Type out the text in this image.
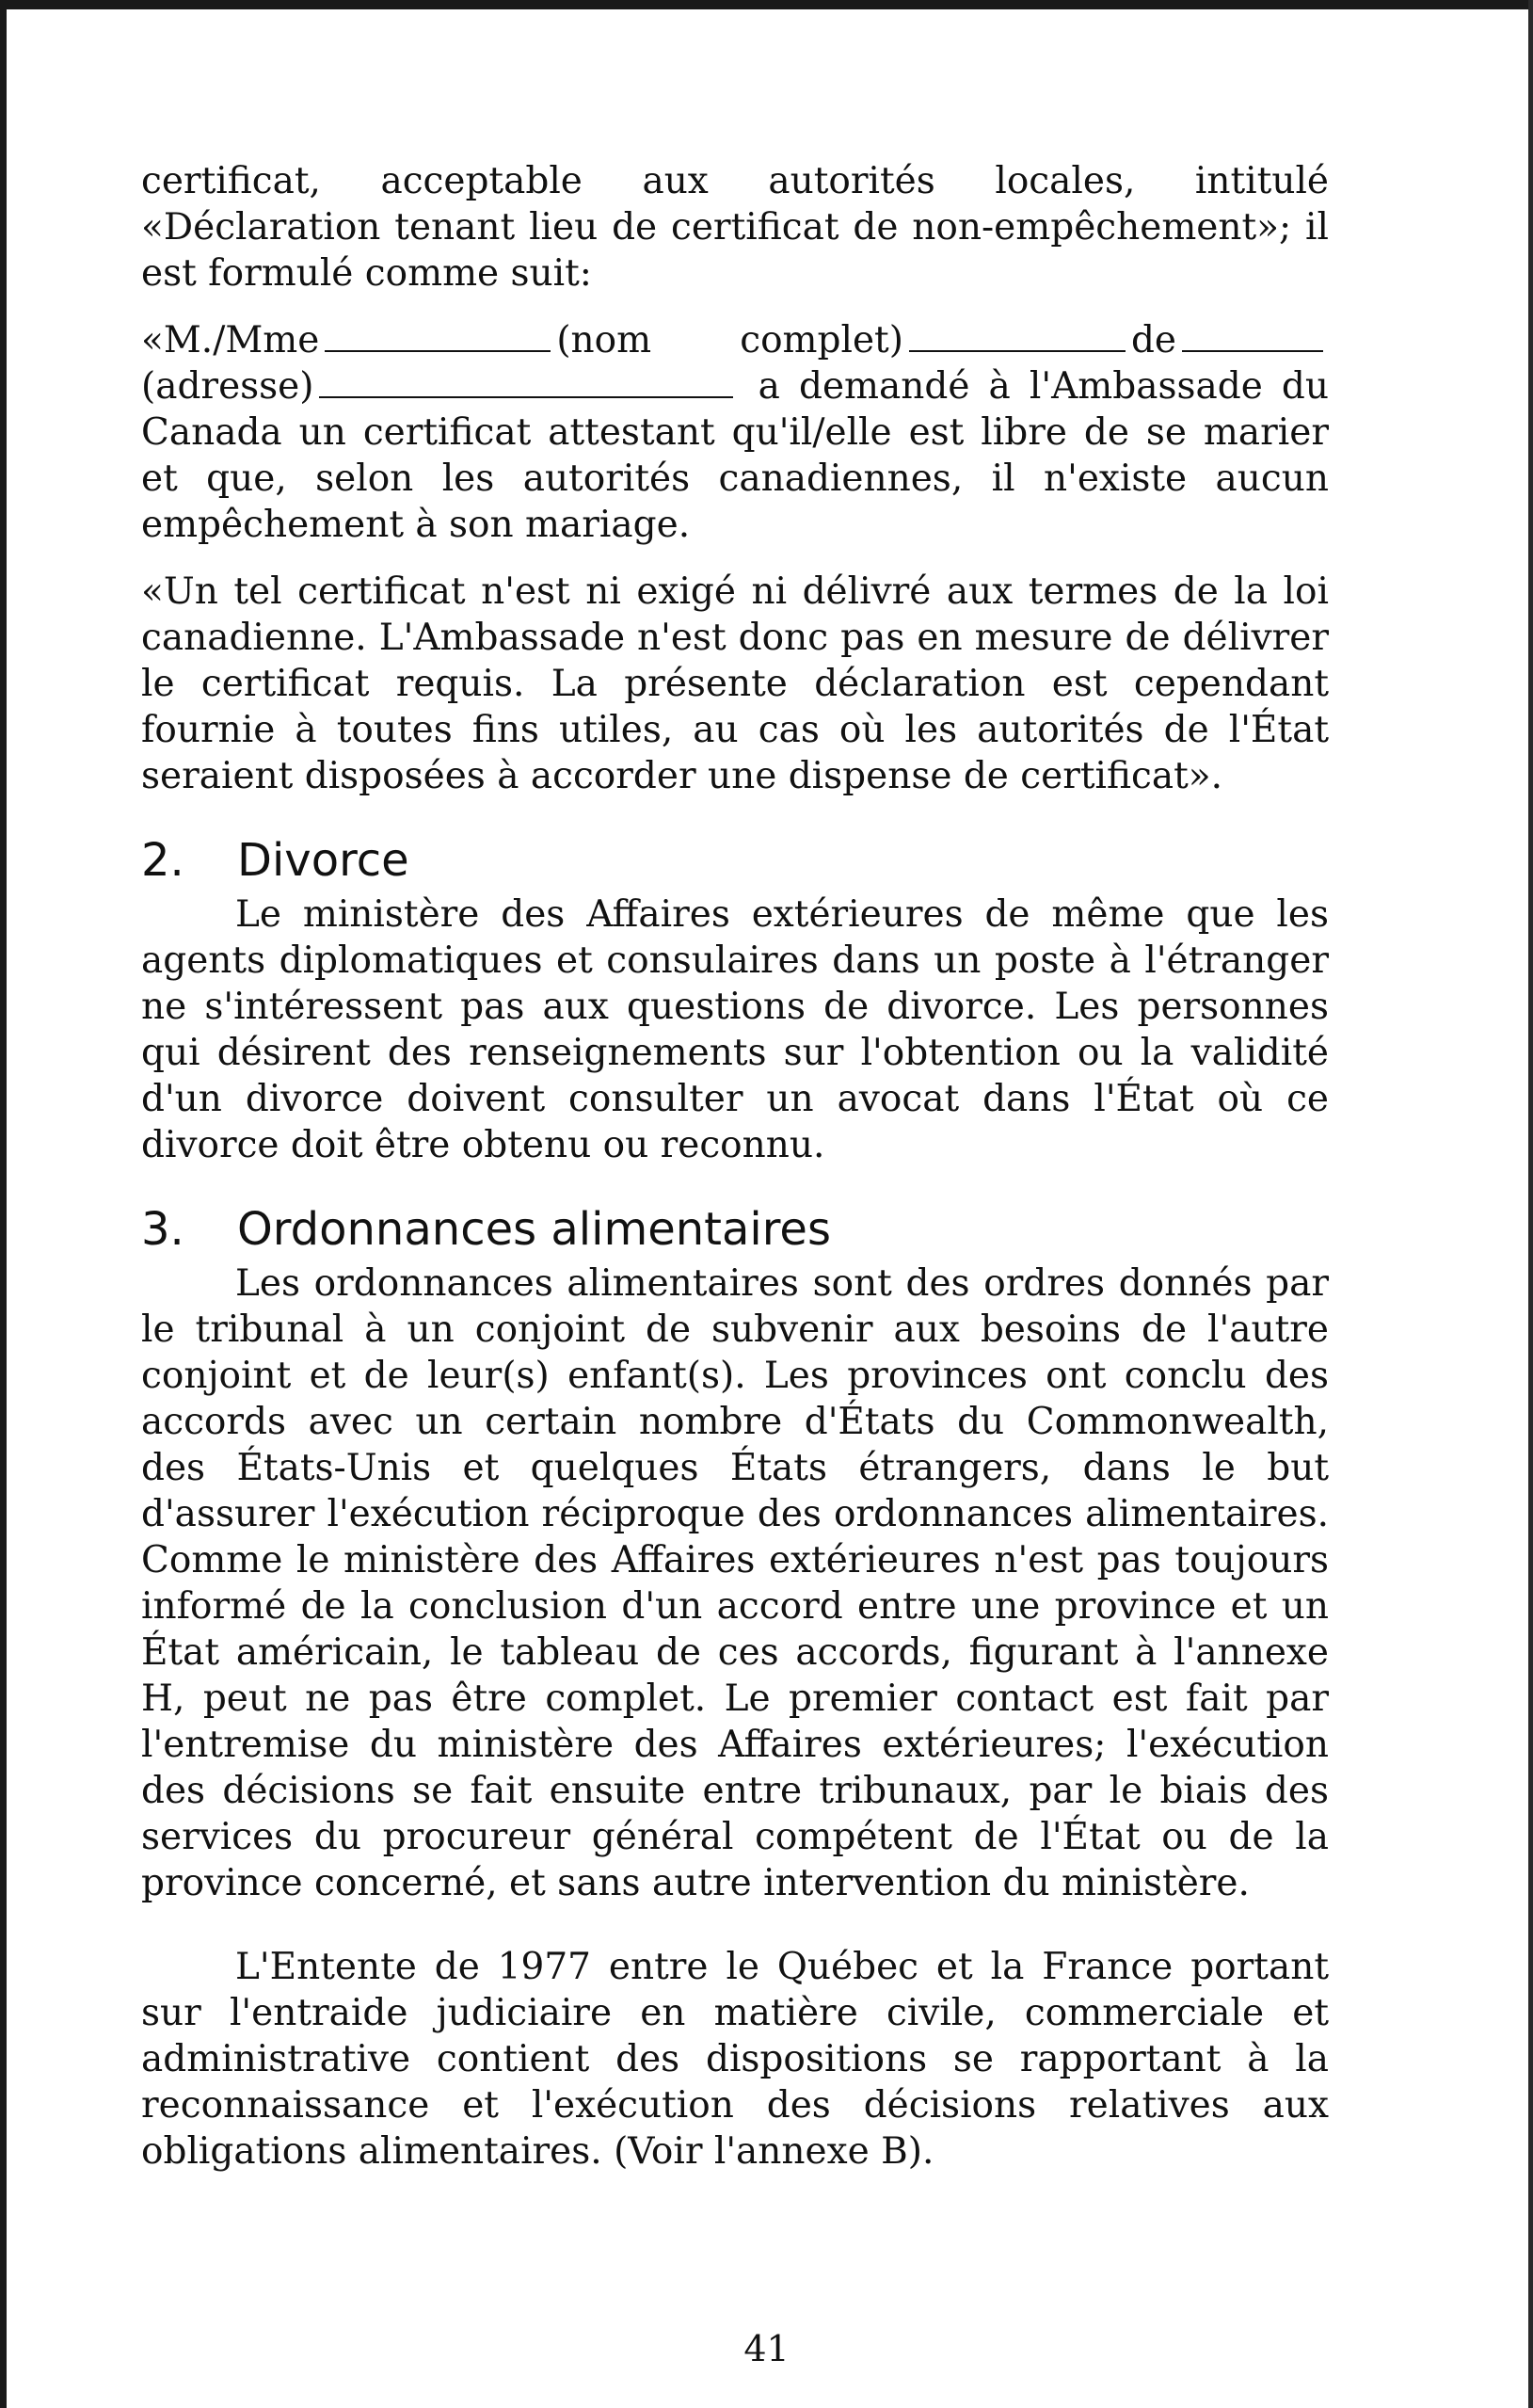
certificat, acceptable aux autorités locales, intitulé «Déclaration tenant lieu de certificat de non-empêchement»; il est formulé comme suit:

«M./Mme	(nom complet)	de (adresse)	a demandé à l'Ambassade du Canada un certificat attestant qu'il/elle est libre de se marier et que, selon les autorités canadiennes, il n'existe aucun empêchement à son mariage.

«Un tel certificat n'est ni exigé ni délivré aux termes de la loi canadienne. L'Ambassade n'est donc pas en mesure de délivrer le certificat requis. La présente déclaration est cependant fournie à toutes fins utiles, au cas où les autorités de l'État seraient disposées à accorder une dispense de certificat».

2. Divorce

Le ministère des Affaires extérieures de même que les agents diplomatiques et consulaires dans un poste à l'étranger ne s'intéressent pas aux questions de divorce. Les personnes qui désirent des renseignements sur l'obtention ou la validité d'un divorce doivent consulter un avocat dans l'État où ce divorce doit être obtenu ou reconnu.

3. Ordonnances alimentaires

Les ordonnances alimentaires sont des ordres donnés par le tribunal à un conjoint de subvenir aux besoins de l'autre conjoint et de leur(s) enfant(s). Les provinces ont conclu des accords avec un certain nombre d'États du Commonwealth, des États-Unis et quelques États étrangers, dans le but d'assurer l'exécution réciproque des ordonnances alimentaires. Comme le ministère des Affaires extérieures n'est pas toujours informé de la conclusion d'un accord entre une province et un État américain, le tableau de ces accords, figurant à l'annexe H, peut ne pas être complet. Le premier contact est fait par l'entremise du ministère des Affaires extérieures; l'exécution des décisions se fait ensuite entre tribunaux, par le biais des services du procureur général compétent de l'État ou de la province concerné, et sans autre intervention du ministère.

L'Entente de 1977 entre le Québec et la France portant sur l'entraide judiciaire en matière civile, commerciale et administrative contient des dispositions se rapportant à la reconnaissance et l'exécution des décisions relatives aux obligations alimentaires. (Voir l'annexe B).

41
